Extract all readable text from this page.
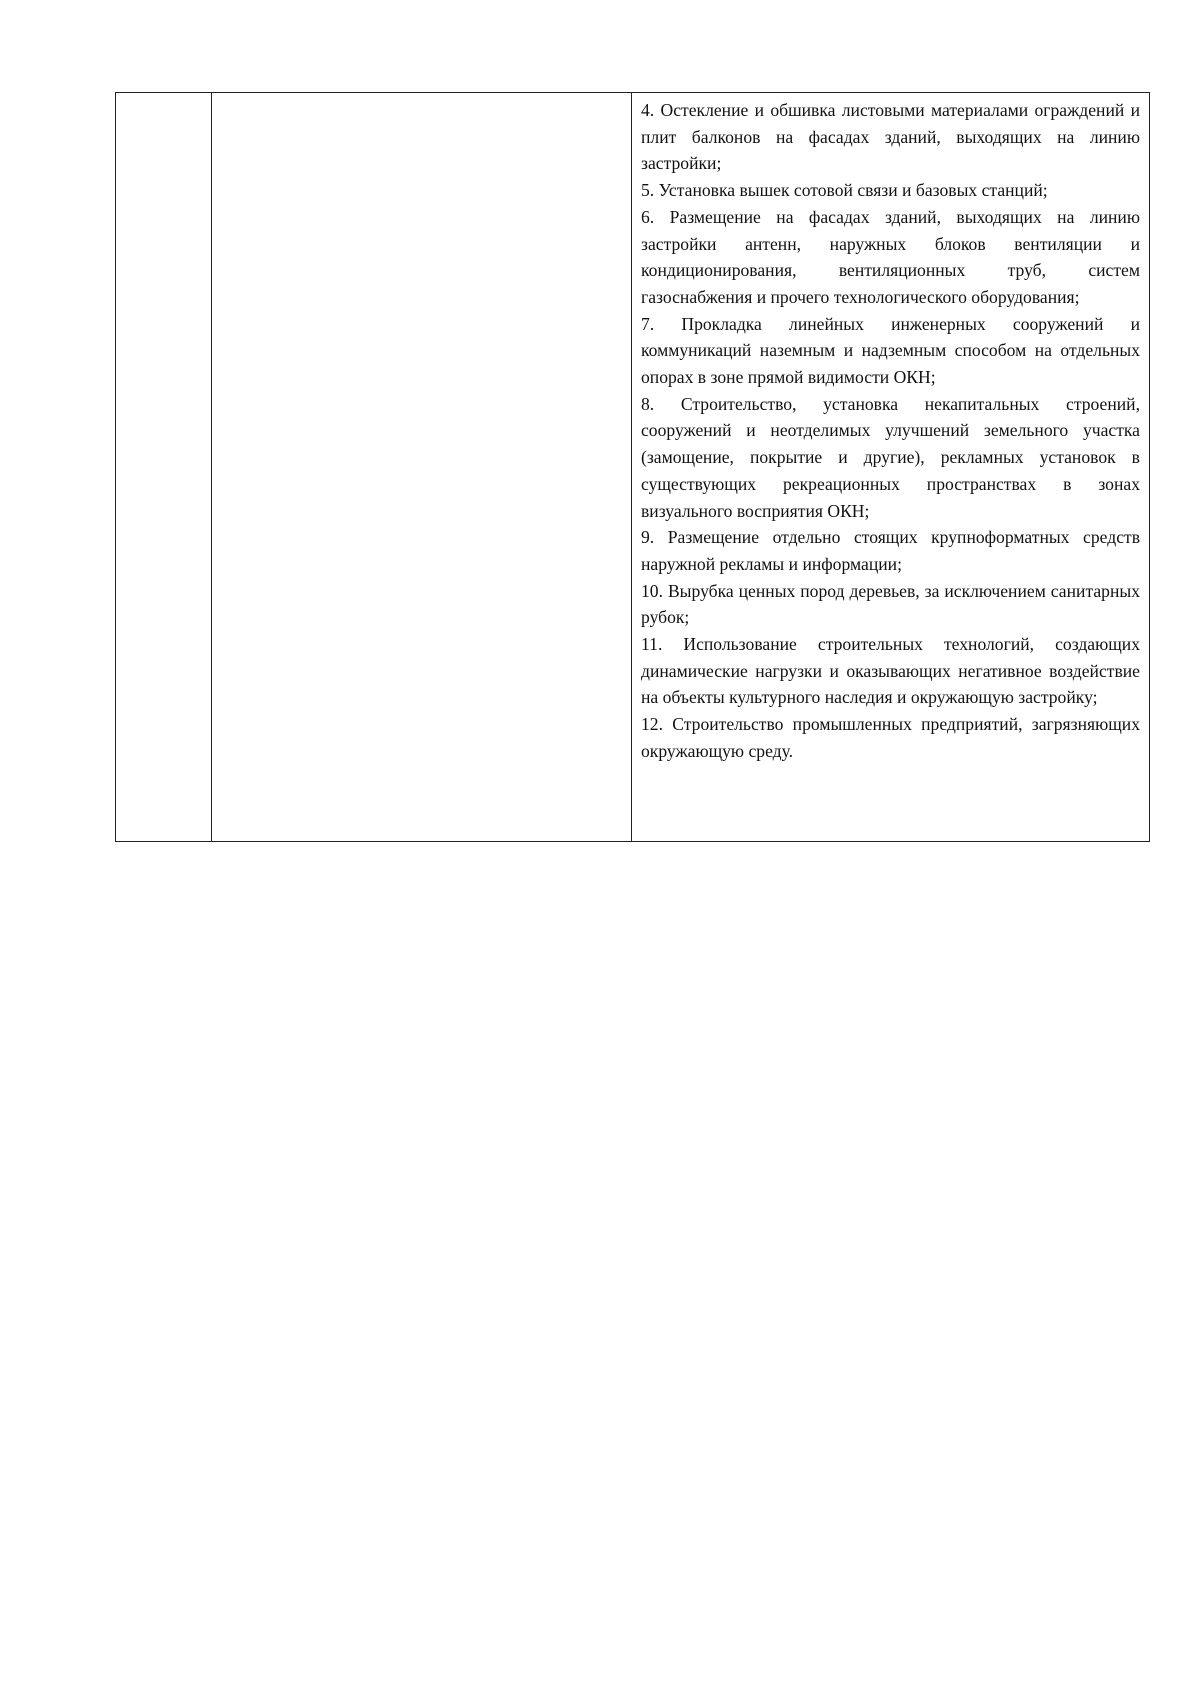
4. Остекление и обшивка листовыми материалами ограждений и плит балконов на фасадах зданий, выходящих на линию застройки;

5. Установка вышек сотовой связи и базовых станций;

6. Размещение на фасадах зданий, выходящих на линию застройки антенн, наружных блоков вентиляции и кондиционирования, вентиляционных труб, систем газоснабжения и прочего технологического оборудования;

7. Прокладка линейных инженерных сооружений и коммуникаций наземным и надземным способом на отдельных опорах в зоне прямой видимости ОКН;

8. Строительство, установка некапитальных строений, сооружений и неотделимых улучшений земельного участка (замощение, покрытие и другие), рекламных установок в существующих рекреационных пространствах в зонах визуального восприятия ОКН;

9. Размещение отдельно стоящих крупноформатных средств наружной рекламы и информации;

10. Вырубка ценных пород деревьев, за исключением санитарных рубок;

11. Использование строительных технологий, создающих динамические нагрузки и оказывающих негативное воздействие на объекты культурного наследия и окружающую застройку;

12. Строительство промышленных предприятий, загрязняющих окружающую среду.
